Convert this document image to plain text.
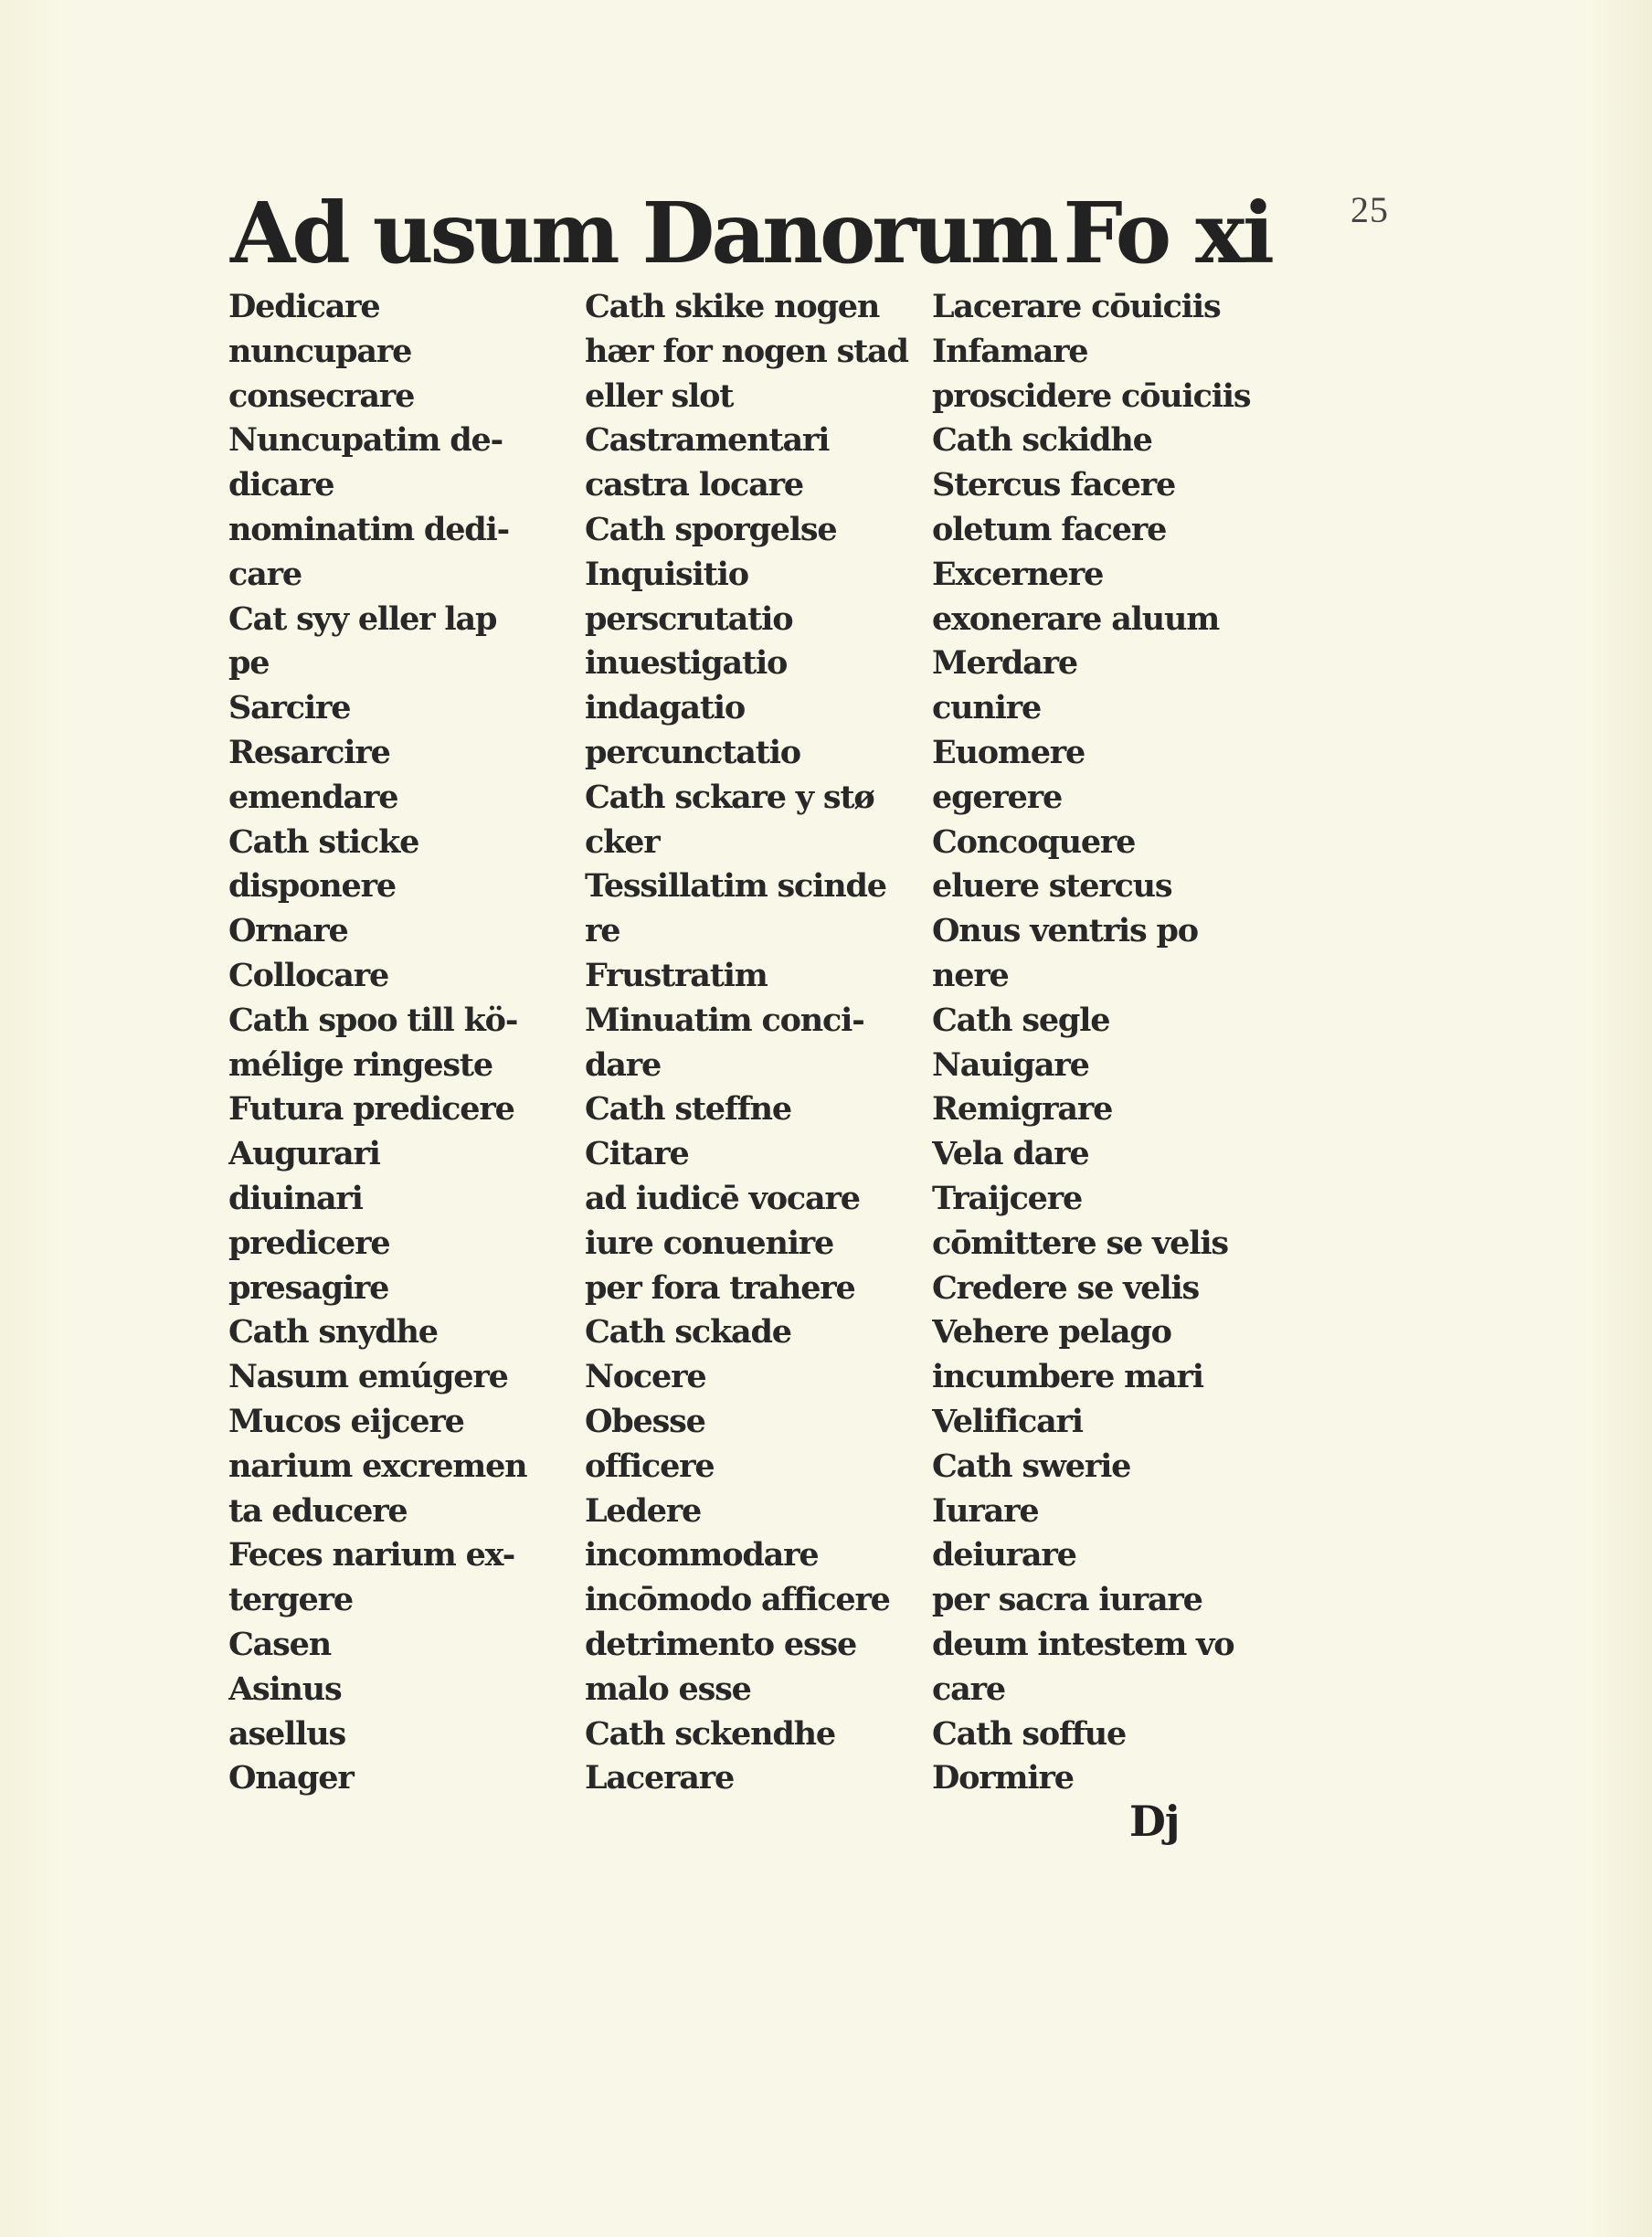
25
Ad usum Danorum Fo xi
Dedicare
nuncupare
consecrare
Nuncupatim de-
dicare
nominatim dedi-
care
Cat syy eller lap
pe
Sarcire
Resarcire
emendare
Cath sticke
disponere
Ornare
Collocare
Cath spoo till kö-
mélige ringeste
Futura predicere
Augurari
diuinari
predicere
presagire
Cath snydhe
Nasum emúgere
Mucos eijcere
narium excremen
ta educere
Feces narium ex-
tergere
Casen
Asinus
asellus
Onager
Cath skike nogen
hær for nogen stad
eller slot
Castramentari
castra locare
Cath sporgelse
Inquisitio
perscrutatio
inuestigatio
indagatio
percunctatio
Cath sckare y stø
cker
Tessillatim scinde
re
Frustratim
Minuatim conci-
dare
Cath steffne
Citare
ad iudicē vocare
iure conuenire
per fora trahere
Cath sckade
Nocere
Obesse
officere
Ledere
incommodare
incōmodo afficere
detrimento esse
malo esse
Cath sckendhe
Lacerare
Lacerare cōuiciis
Infamare
proscidere cōuiciis
Cath sckidhe
Stercus facere
oletum facere
Excernere
exonerare aluum
Merdare
cunire
Euomere
egerere
Concoquere
eluere stercus
Onus ventris po
nere
Cath segle
Nauigare
Remigrare
Vela dare
Traijcere
cōmittere se velis
Credere se velis
Vehere pelago
incumbere mari
Velificari
Cath swerie
Iurare
deiurare
per sacra iurare
deum intestem vo
care
Cath soffue
Dormire
Dj
